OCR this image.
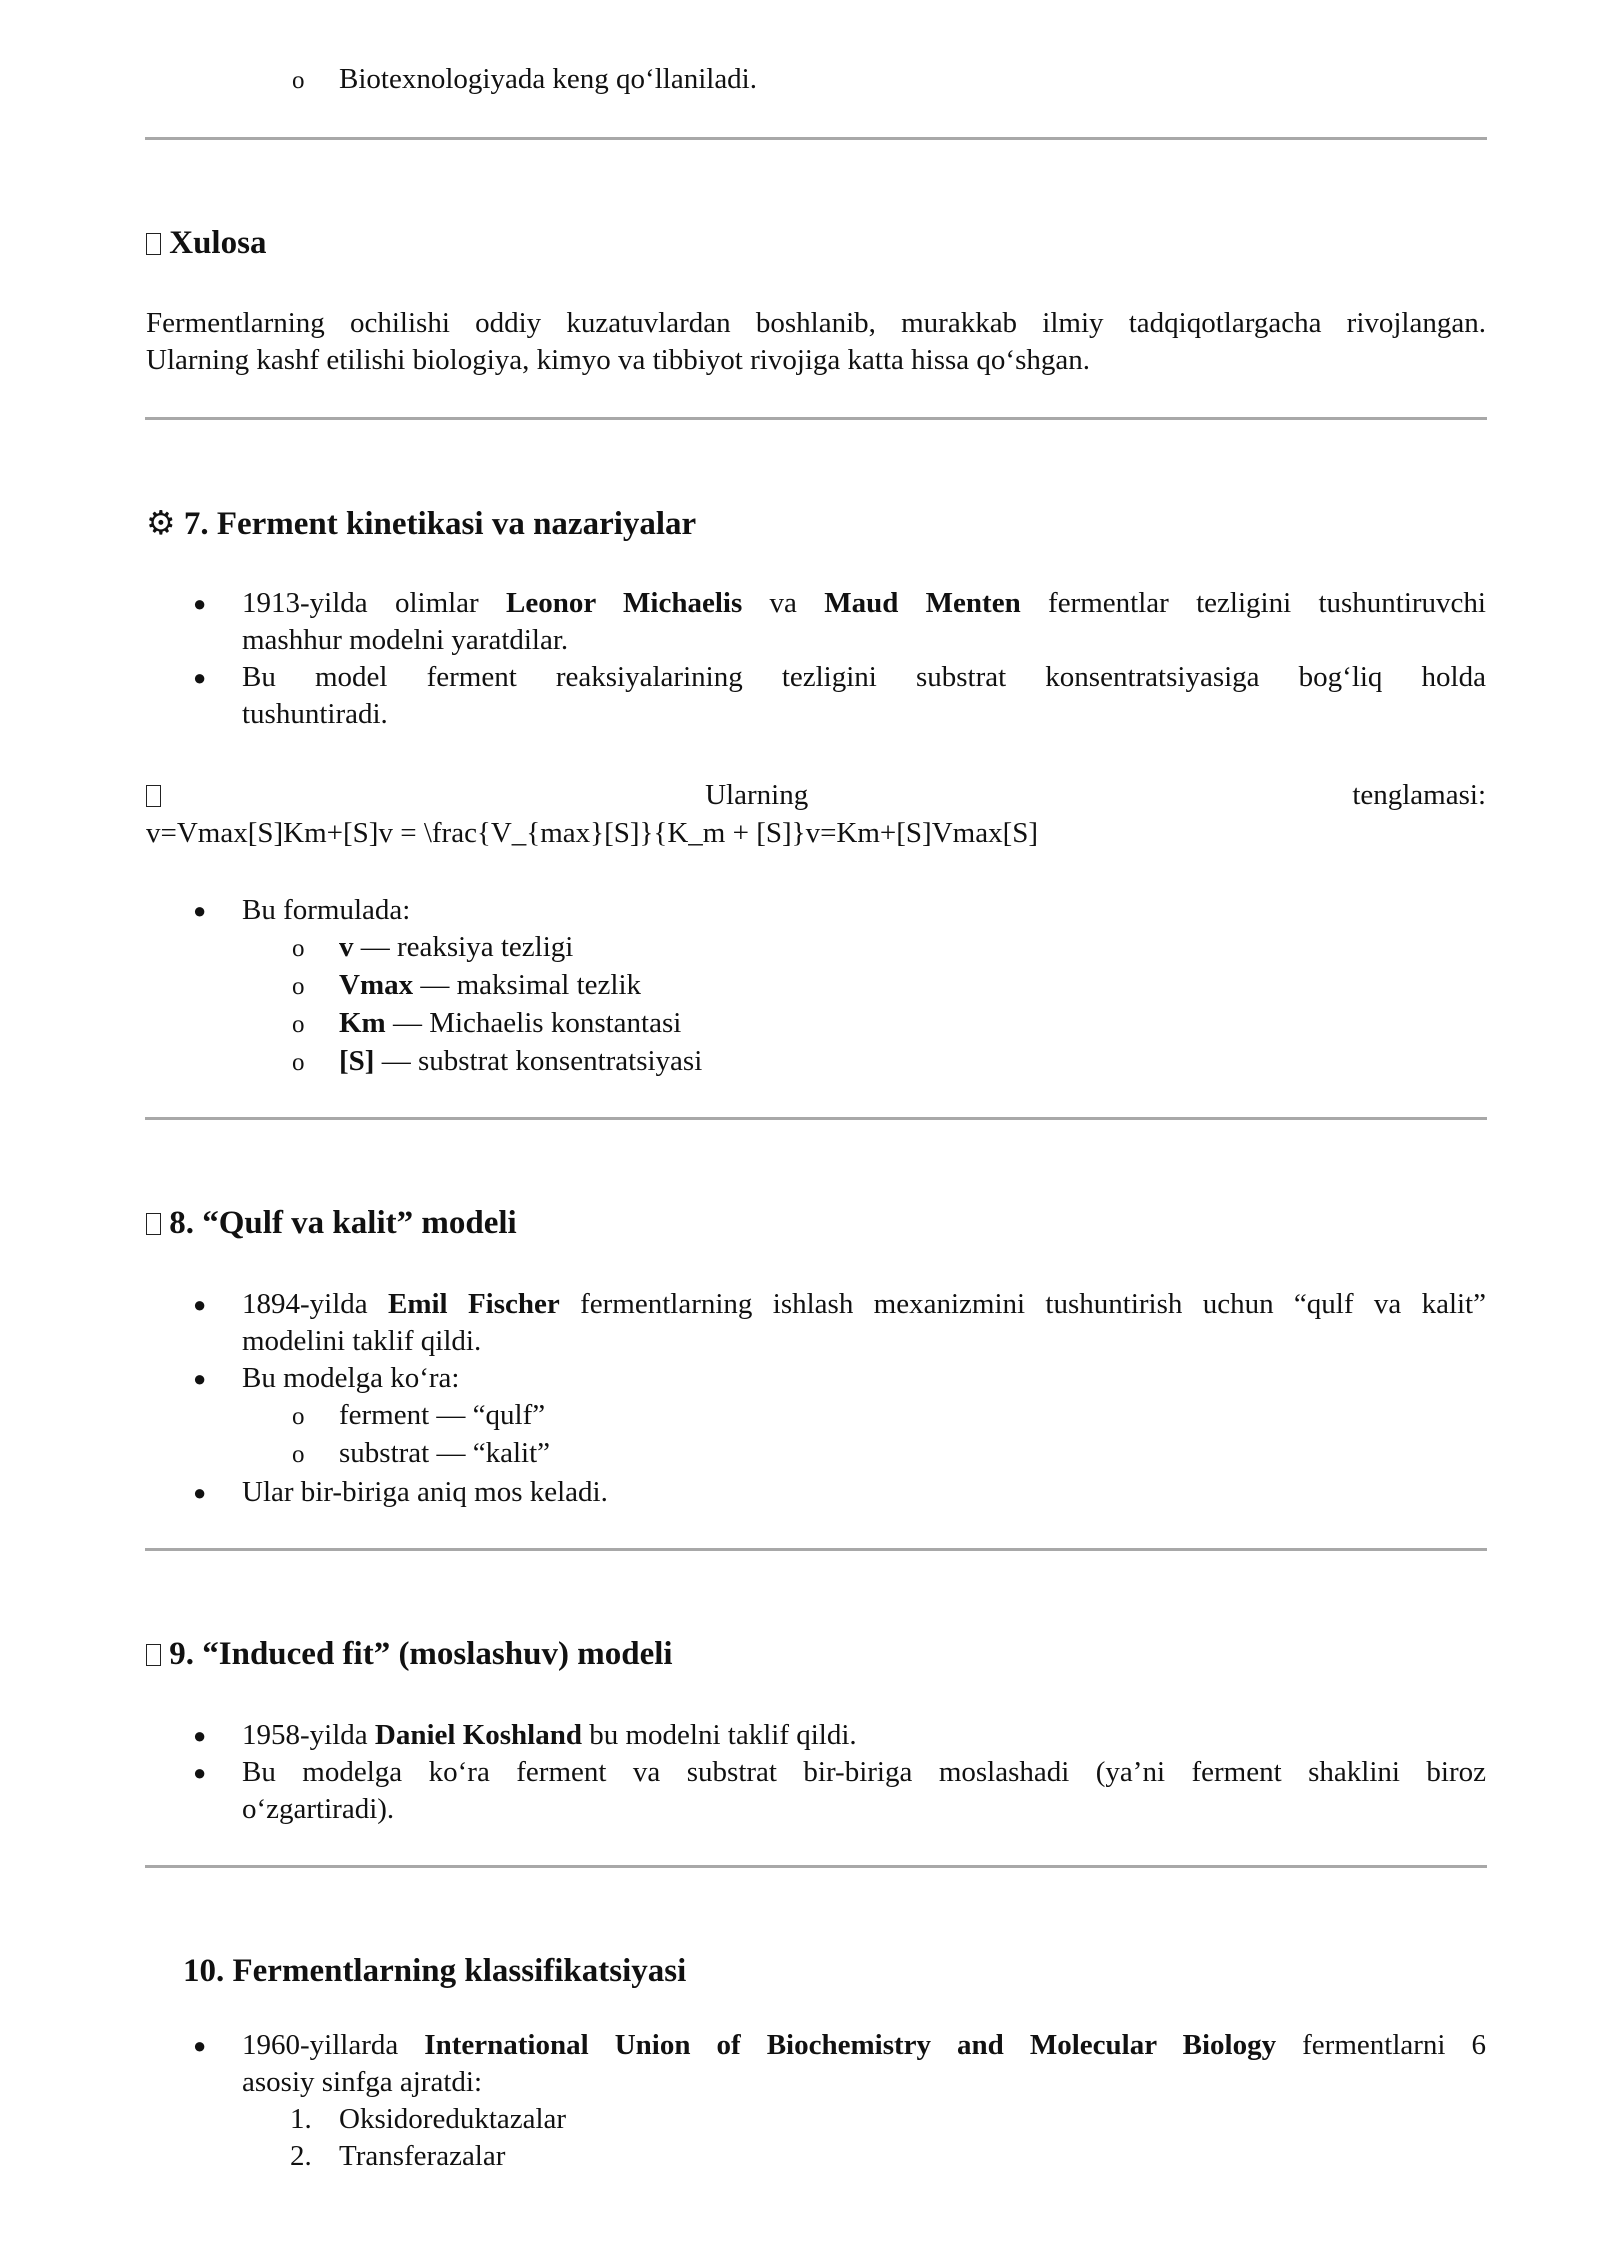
o Biotexnologiyada keng qo‘llaniladi.
Xulosa
Fermentlarning ochilishi oddiy kuzatuvlardan boshlanib, murakkab ilmiy tadqiqotlargacha rivojlangan.
Ularning kashf etilishi biologiya, kimyo va tibbiyot rivojiga katta hissa qo‘shgan.
⚙ 7. Ferment kinetikasi va nazariyalar
● 1913-yilda olimlar Leonor Michaelis va Maud Menten fermentlar tezligini tushuntiruvchi
mashhur modelni yaratdilar.
● Bu model ferment reaksiyalarining tezligini substrat konsentratsiyasiga bog‘liq holda
tushuntiradi.
Ularning	tenglamasi:
v=Vmax[S]Km+[S]v = \frac{V_{max}[S]}{K_m + [S]}v=Km+[S]Vmax[S]
● Bu formulada:
o v — reaksiya tezligi
o Vmax — maksimal tezlik
o Km — Michaelis konstantasi
o [S] — substrat konsentratsiyasi
8. “Qulf va kalit” modeli
● 1894-yilda Emil Fischer fermentlarning ishlash mexanizmini tushuntirish uchun “qulf va kalit”
modelini taklif qildi.
● Bu modelga ko‘ra:
o ferment — “qulf”
o substrat — “kalit”
● Ular bir-biriga aniq mos keladi.
9. “Induced fit” (moslashuv) modeli
● 1958-yilda Daniel Koshland bu modelni taklif qildi.
● Bu modelga ko‘ra ferment va substrat bir-biriga moslashadi (ya’ni ferment shaklini biroz
o‘zgartiradi).
10. Fermentlarning klassifikatsiyasi
● 1960-yillarda International Union of Biochemistry and Molecular Biology fermentlarni 6
asosiy sinfga ajratdi:
1. Oksidoreduktazalar
2. Transferazalar
